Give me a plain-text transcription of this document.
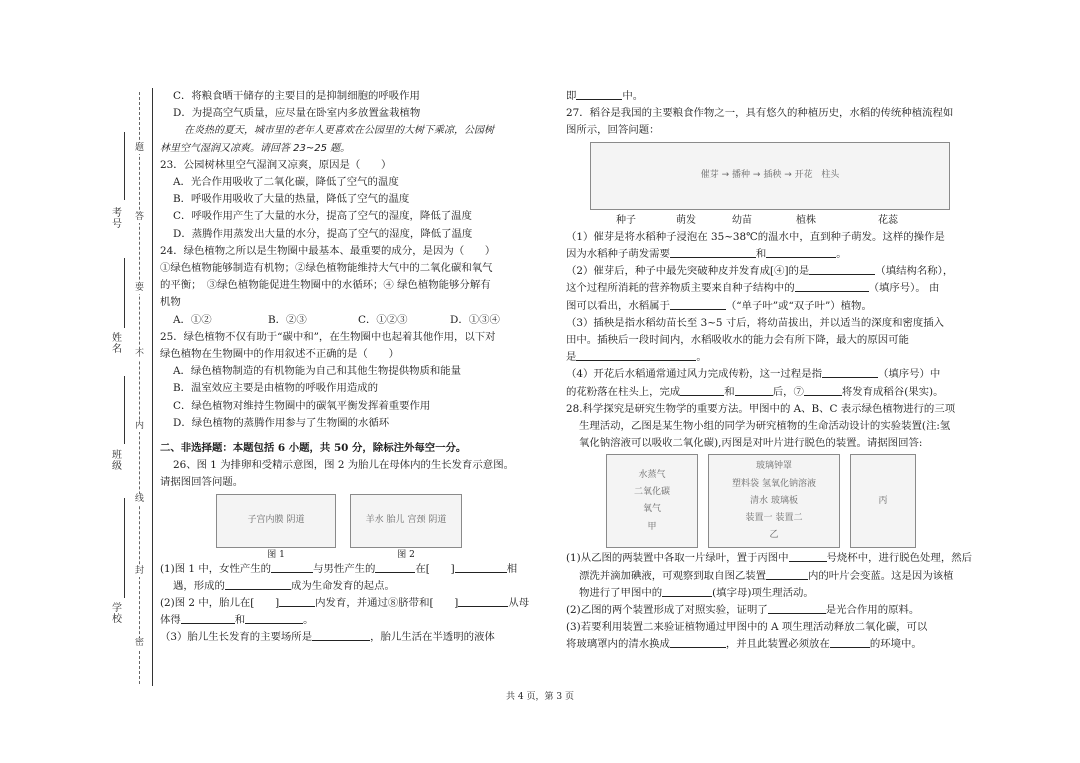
考号
姓名
班级
学校
题
答
要
不
内
线
封
密
C．将粮食晒干储存的主要目的是抑制细胞的呼吸作用
D．为提高空气质量，应尽量在卧室内多放置盆栽植物
在炎热的夏天，城市里的老年人更喜欢在公园里的大树下乘凉，公园树
林里空气湿润又凉爽。请回答 23~25 题。
23．公园树林里空气湿润又凉爽，原因是（　　）
A．光合作用吸收了二氧化碳，降低了空气的温度
B．呼吸作用吸收了大量的热量，降低了空气的温度
C．呼吸作用产生了大量的水分，提高了空气的湿度，降低了温度
D．蒸腾作用蒸发出大量的水分，提高了空气的湿度，降低了温度
24．绿色植物之所以是生物圈中最基本、最重要的成分，是因为（　　）
①绿色植物能够制造有机物；②绿色植物能维持大气中的二氧化碳和氧气
的平衡；　③绿色植物能促进生物圈中的水循环；④ 绿色植物能够分解有
机物
A．①②	B．②③	C．①②③	D．①③④
25．绿色植物不仅有助于“碳中和”，在生物圈中也起着其他作用，以下对
绿色植物在生物圈中的作用叙述不正确的是（　　）
A．绿色植物制造的有机物能为自己和其他生物提供物质和能量
B．温室效应主要是由植物的呼吸作用造成的
C．绿色植物对维持生物圈中的碳氧平衡发挥着重要作用
D．绿色植物的蒸腾作用参与了生物圈的水循环
二、非选择题：本题包括 6 小题，共 50 分，除标注外每空一分。
26、图 1 为排卵和受精示意图，图 2 为胎儿在母体内的生长发育示意图。
请据图回答问题。
子宫内膜
阴道
图 1
羊水
胎儿
宫颈
阴道
图 2
(1)图 1 中，女性产生的	与男性产生的	在[　　]	相
遇，形成的	成为生命发育的起点。
(2)图 2 中，胎儿在[　　]	内发育，并通过⑧脐带和[　　]	从母
体得	和	。
（3）胎儿生长发育的主要场所是	，胎儿生活在半透明的液体
即	中。
27．稻谷是我国的主要粮食作物之一，具有悠久的种植历史，水稻的传统种植流程如
图所示，回答问题：
催芽 → 播种 → 插秧 → 开花 柱头
种子	萌发	幼苗	植株	花蕊
（1）催芽是将水稻种子浸泡在 35~38℃的温水中，直到种子萌发。这样的操作是
因为水稻种子萌发需要	和	。
（2）催芽后，种子中最先突破种皮并发育成[④]的是	（填结构名称），
这个过程所消耗的营养物质主要来自种子结构中的	（填序号）。 由
图可以看出，水稻属于	（“单子叶”或“双子叶”）植物。
（3）插秧是指水稻幼苗长至 3~5 寸后，将幼苗拔出，并以适当的深度和密度插入
田中。插秧后一段时间内，水稻吸收水的能力会有所下降，最大的原因可能
是	。
（4）开花后水稻通常通过风力完成传粉，这一过程是指	（填序号）中
的花粉落在柱头上，完成	和	后，⑦	将发育成稻谷(果实)。
28.科学探究是研究生物学的重要方法。甲图中的 A、B、C 表示绿色植物进行的三项
生理活动，乙图是某生物小组的同学为研究植物的生命活动设计的实验装置(注:氢
氧化钠溶液可以吸收二氧化碳),丙图是对叶片进行脱色的装置。请据图回答:
水蒸气
二氧化碳
氧气
甲
玻璃钟罩
塑料袋 氢氧化钠溶液
清水 玻璃板
装置一 装置二
乙
丙
(1)从乙图的两装置中各取一片绿叶，置于丙图中	号烧杯中，进行脱色处理，然后
漂洗并滴加碘液，可观察到取自图乙装置	内的叶片会变蓝。这是因为该植
物进行了甲图中的	(填字母)项生理活动。
(2)乙图的两个装置形成了对照实验，证明了	是光合作用的原料。
(3)若要利用装置二来验证植物通过甲图中的 A 项生理活动释放二氧化碳，可以
将玻璃罩内的清水换成	，并且此装置必须放在	的环境中。
共 4 页，第 3 页
